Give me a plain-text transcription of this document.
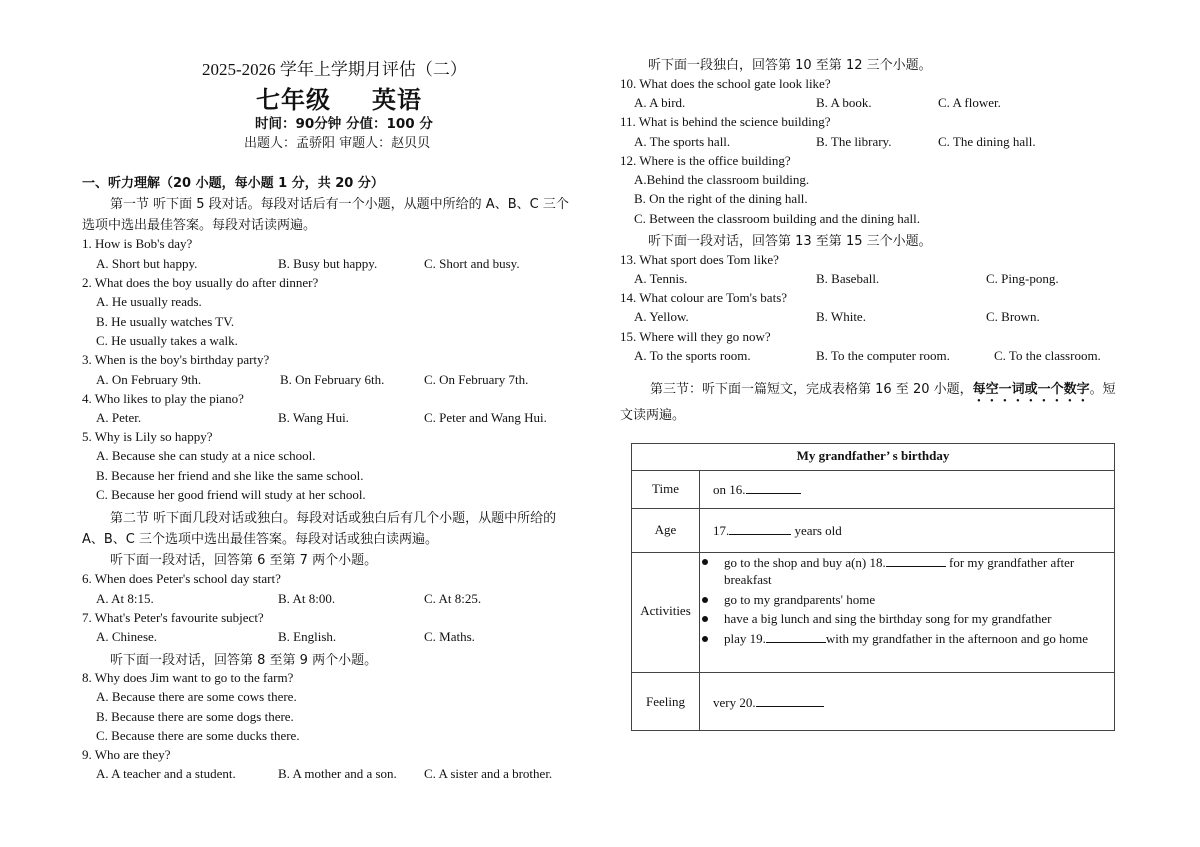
2025-2026 学年上学期月评估（二）
七年级 英语
时间：90分钟 分值：100 分
出题人：孟骄阳 审题人：赵贝贝
一、听力理解（20 小题，每小题 1 分，共 20 分）
第一节 听下面 5 段对话。每段对话后有一个小题，从题中所给的 A、B、C 三个
选项中选出最佳答案。每段对话读两遍。
1. How is Bob's day?
A. Short but happy.	B. Busy but happy.	C. Short and busy.
2. What does the boy usually do after dinner?
A. He usually reads.
B. He usually watches TV.
C. He usually takes a walk.
3. When is the boy's birthday party?
A. On February 9th.	B. On February 6th.	C. On February 7th.
4. Who likes to play the piano?
A. Peter.	B. Wang Hui.	C. Peter and Wang Hui.
5. Why is Lily so happy?
A. Because she can study at a nice school.
B. Because her friend and she like the same school.
C. Because her good friend will study at her school.
第二节 听下面几段对话或独白。每段对话或独白后有几个小题，从题中所给的
A、B、C 三个选项中选出最佳答案。每段对话或独白读两遍。
听下面一段对话，回答第 6 至第 7 两个小题。
6. When does Peter's school day start?
A. At 8:15.	B. At 8:00.	C. At 8:25.
7. What's Peter's favourite subject?
A. Chinese.	B. English.	C. Maths.
听下面一段对话，回答第 8 至第 9 两个小题。
8. Why does Jim want to go to the farm?
A. Because there are some cows there.
B. Because there are some dogs there.
C. Because there are some ducks there.
9. Who are they?
A. A teacher and a student.	B. A mother and a son. C. A sister and a brother.
听下面一段独白，回答第 10 至第 12 三个小题。
10. What does the school gate look like?
A. A bird.	B. A book.	C. A flower.
11. What is behind the science building?
A. The sports hall.	B. The library.	C. The dining hall.
12. Where is the office building?
A.Behind the classroom building.
B. On the right of the dining hall.
C. Between the classroom building and the dining hall.
听下面一段对话，回答第 13 至第 15 三个小题。
13. What sport does Tom like?
A. Tennis.	B. Baseball.	C. Ping-pong.
14. What colour are Tom's bats?
A. Yellow.	B. White.	C. Brown.
15. Where will they go now?
A. To the sports room.	B. To the computer room.	C. To the classroom.
第三节：听下面一篇短文，完成表格第 16 至 20 小题，每空一词或一个数字。短
文读两遍。
My grandfather’ s birthday
Time	on 16.
Age	17.	years old
Activities
go to the shop and buy a(n) 18.	for my grandfather after
breakfast
go to my grandparents' home
have a big lunch and sing the birthday song for my grandfather
play 19.	with my grandfather in the afternoon and go home
Feeling	very 20.
